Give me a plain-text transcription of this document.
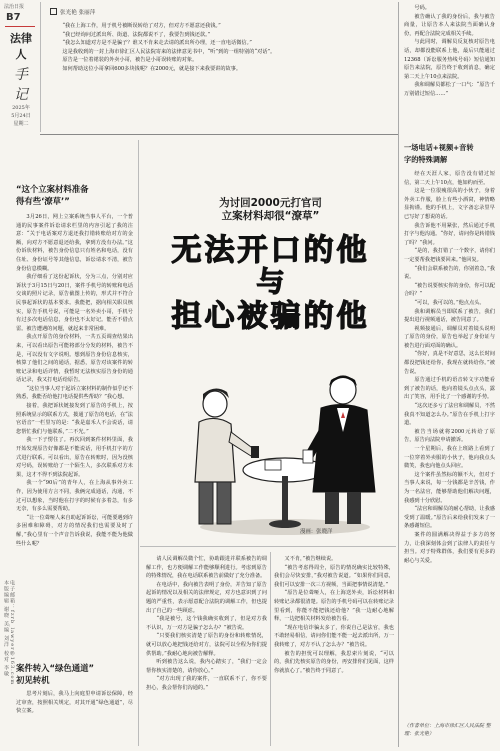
法治日报
B7
法律人
手
记
2025年
5月24日
星期二
张光艳 张丽萍

“我在上海工作，用于机号被断误转给了对方，但对方不愿意还我钱。”

“我已经询问过派出所、街道、法院都说不了，我要告到钱还款。”

“我怎么知道对方是不是骗子？谁又不肯来走去请的派出所办理，还一直电话微信。”

这是我收到的一封上海市徐汇区人民法院寄来的法律意见书中，“听”到的一组特别的“对话”。

原告是一位着裙装的外卖小哥，被告是小哥误转账的对象。

如何帮助这位小哥拿回600多块钱呢？在2000元，就是接下来我要讲的故事。

“这个立案材料准备
得有些‘潦草’”

3月26日，网上立案系统当事人平台，一个普通的民事案件诉讼请求栏里的内容引起了我的注意：“关于电话案对方退还我打错转账给对方的金额，向对方不愿意退还给我，拿到方没有办法。”这份诉状材料，被告身份信息只有姓名和电话，没有住址、身份证号等其他信息，诉讼请求不清，被告身份信息模糊。

我仔细看了这份起诉状，分为三点，分别对应诉状于3月15日与20日，案件手机号的转账和电话交谈的照片记录，原告截图上传的，形式并不符合民事起诉状的基本要求。我能把，据向相关职员核实，原告手机号说，可能是一名外卖小哥，手机号有过多次电话信息，身份也不太好记。能否不借点雷。被告遭遇的问题，就起来非常困难。

我点开原告的身份材料，一共五页调查结果出来，可以看出原告可能将部分分发的材料，被告不是，可以没有文字说明。想到原告身份信息核实，核算了他们之间的通话，据悉，原告对该案件的转账记录和电话详情，我暂时无法核实原告身份的通话记录，我又打电话给原告。

“这位当事人对于起诉立案材料的制作似乎还不熟悉，我能否给他打电话提供些帮助？”我心想。

接着，我把诉状链接发到了原告的手机上，按照系统显示的联系方式，拨通了原告的电话，在“法官语音”一栏里写的是：“我是嘉禾人不会说话，请您帮忙我们与他联系，”二不光。”

我一下子愣住了。再次回到案件材料里面，我开始发现原告好像都是不能说话，用手机打字的方式进行联系。可以看出，原告在转账时，因为没核对号码，误转账给了一个陌生人，多次联系对方未果，这才不得不到法院起诉。

我一个“90后”的青年人，在上海从事外卖工作，因为使用方言不同，我俩完成通话，沟通，不过可以想象，当时他在打字的时候有多着急，有多无奈，有多么需要帮助。

“让一位聋哑人来自助起诉诉讼，可能要遇到许多困难和障碍，对方的情况我们也需要及时了解，”我心里有一个声音告诉我说，我能不能为他做些什么呢？

案件转入“绿色通道”
初见转机

思考片刻后，我马上向庭里申请诉讼保障，经过审查，按照相关规定，对其开通“绿色通道”，尽快立案。

本版编辑 谢晓 美编 刘洋 校对 李敏 电子邮箱：fzrb_lawyer@163.com
为讨回2000元打官司
立案材料却很“潦草”
无法开口的他
与
担心被骗的他
漫画：张晓洋

请人民调解员微个忙，协助跟进并联系被告的调解工作，也方便调解工作能够顺利进行。考虑到原告的特殊情况，我在电话联系被告前做好了充分准备。

在电话中，我向被告表明了身份，并告知了原告起诉的情况以及相关的法律规定，对方也意识到了问题的严重性，表示愿意配合法院的调解工作，但也提出了自己的一些顾虑。

“我是被号，这个钱我确实收到了，但是对方我不认识，万一对方是骗子怎么办？”被告说。

“只要我们核实清楚了原告的身份和转账情况，就可以放心地把钱还给对方，法院可以全程为你们提供帮助。”我耐心地向被告解释。

听到被告这么说，我内心踏实了，“我们一定会帮你核实清楚的，请你放心。”

“对方出现了我的案件，一直联系不了，你不要担心，我会帮你们沟通的。”

又不肯，”被告继续说。

“被告考虑得周全，原告的情况确实比较特殊，我们会尽快安排，”我对被告说道。“如果你们同意，我们可以安排一次三方视频，当面把事情说清楚。”

“原告是位聋哑人，在上海送外卖，诉讼材料和转账记录都很清楚。原告的手机号码可以在转账记录里看到，你能不能把钱还给他？”我一边耐心地解释，一边把相关材料发给被告看。

“现在电信诈骗太多了，你说自己是法官，我也不敢轻易相信，请问你们能不能一起去派出所，万一我转账了，对方不认了怎么办？”被告说。

被告的担忧可以理解，我思索片刻说，“可以的，我们先核实原告的身份，再安排你们见面，这样你就放心了。”被告终于同意了。

号码。

被告确认了我的身份后，我与被告商量，让原告本人来法院当面确认身份，再配合法院完成相关手续。

与此同时，调解员反复核对原告电话，却都没能联系上他，最后只能通过12368（诉讼服务热线号码）短信通知原告来法院，原告终于收到消息，确定第二天上午10点来法院。

我和调解员都松了一口气：“原告千万别错过短信……”

一场电话+视频+音转
字的特殊调解

经在天涯人家，原告没有错过短信，第二天上午10点，他如约而至。

这是一位很瘦很高的小伙子，身着外卖工作服，脸上有些小酒窝，神情略显拘谨。他的手机上，文字备忘录里早已写好了想说的话。

我告诉他不用紧张，然后通过手机打字与他沟通。“你好，请问你是转错钱了吗？”我问。

“是的，我打错了一个数字，请你们一定要帮我把钱要回来。”他回复。

“我们会联系被告的，你别着急，”我说。

“被告说要核实你的身份，你可以配合吗？”

“可以，我可以的。”他点点头。

我和调解员当即联系了被告，我们提出进行视频通话，被告同意了。

视频接通后，调解员对着镜头说明了原告的身份，原告也举起了身份证与被告进行面对面的确认。

“你好，真是不好意思，这么长时间都没把钱还给你，我现在就转给你。”被告说。

原告通过手机的语音转文字功能看到了被告的话，他向着镜头点点头，露出了笑容，用手比了一个感谢的手势。

“这次还多亏了法官和调解员，不然我真不知道怎么办。”原告在手机上打字道。

被告当场就将2000元转给了原告，原告向法院申请撤诉。

一个星期后，我在上班路上看到了一位穿着外卖服的小伙子，他向我点头微笑，我也向他点头回应。

这个案件虽然标的额不大，但对于当事人来说，每一分钱都是辛苦钱，作为一名法官，能够帮助他们解决问题，我感到十分欣慰。

“法官和调解员的耐心帮助，让我感受到了温暖。”原告后来给我们发来了一条感谢短信。

案件的圆满解决得益于多方的努力，让我深刻体会到了法律人的责任与担当。对于特殊群体，我们要有更多的耐心与关爱。

（作者单位：上海市徐汇区人民法院 整理：张光艳）
